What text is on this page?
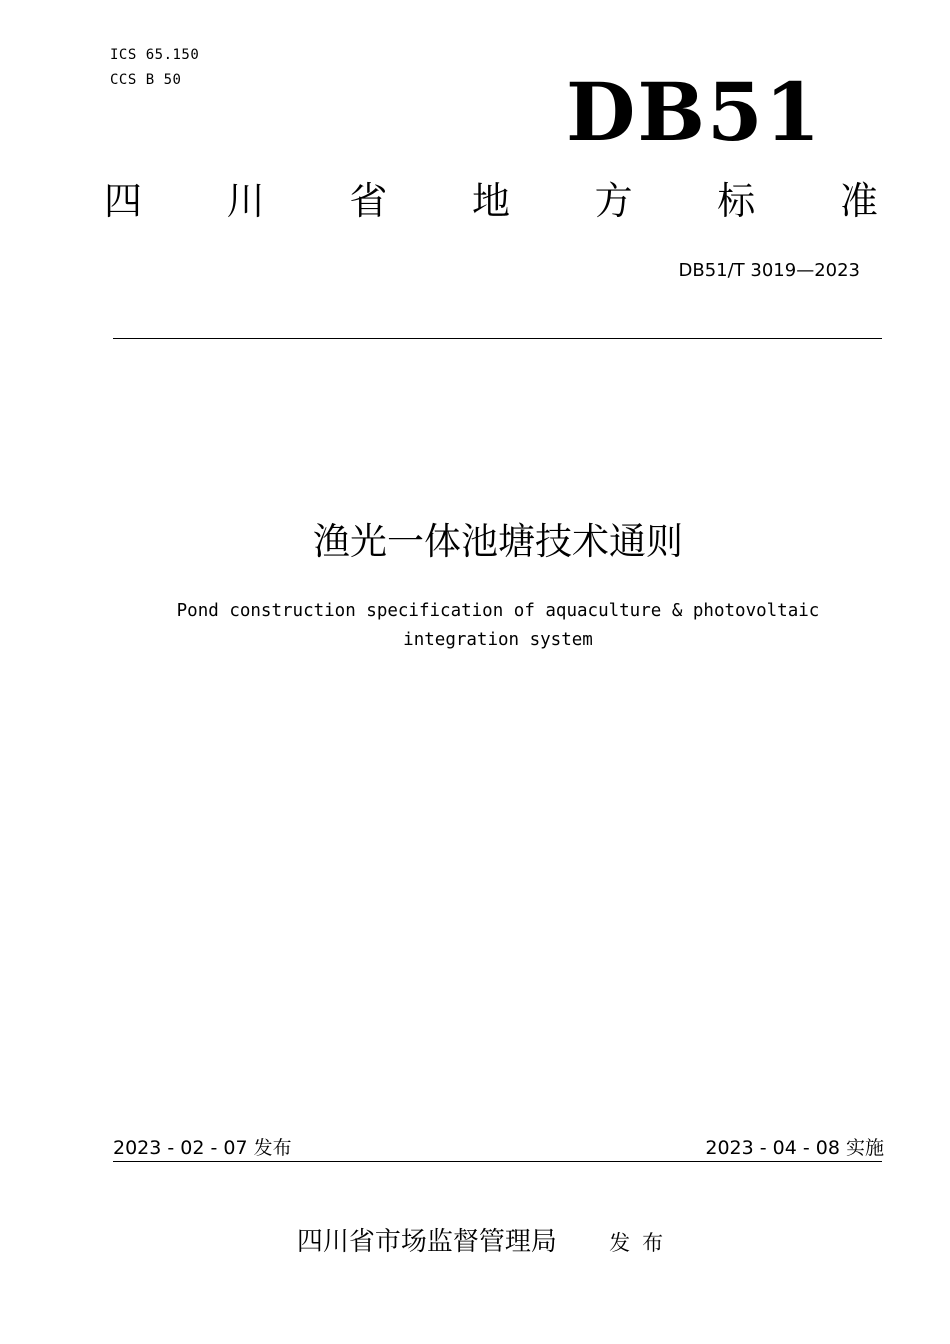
ICS 65.150
CCS B 50	DB51
四 川 省 地 方 标 准
DB51/T 3019—2023
渔光一体池塘技术通则
Pond construction specification of aquaculture & photovoltaic integration system
2023 - 02 - 07 发布	2023 - 04 - 08 实施
四川省市场监督管理局 发布
